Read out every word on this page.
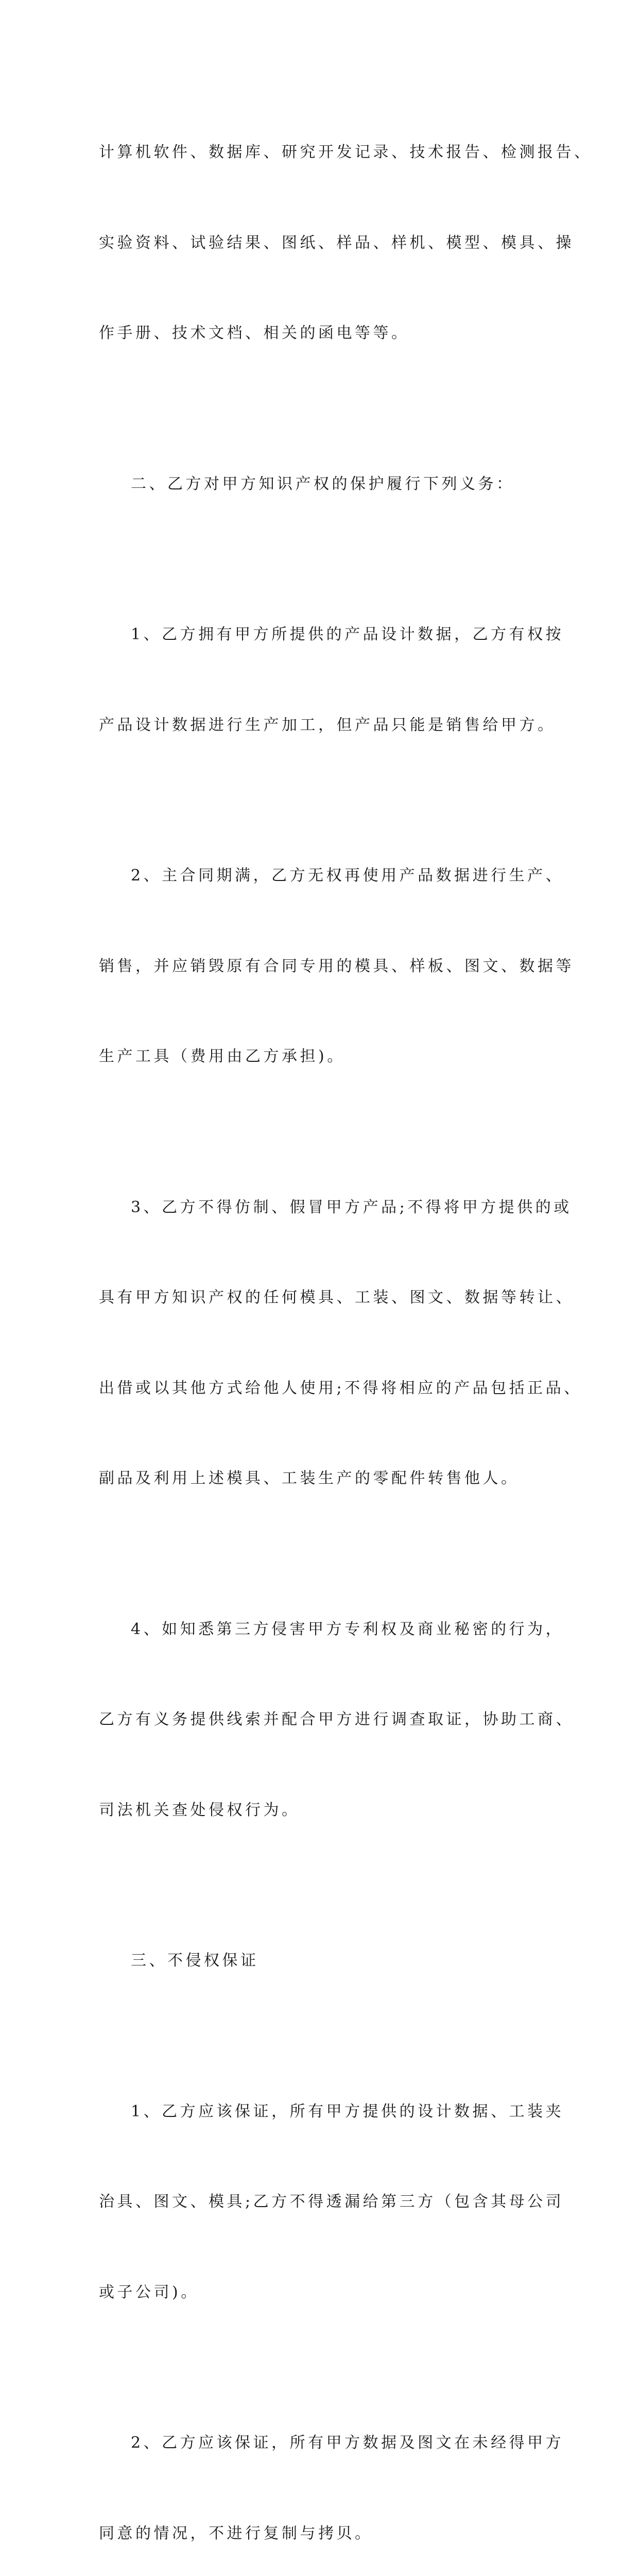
计算机软件、数据库、研究开发记录、技术报告、检测报告、

实验资料、试验结果、图纸、样品、样机、模型、模具、操

作手册、技术文档、相关的函电等等。

二、乙方对甲方知识产权的保护履行下列义务：

1、乙方拥有甲方所提供的产品设计数据，乙方有权按

产品设计数据进行生产加工，但产品只能是销售给甲方。

2、主合同期满，乙方无权再使用产品数据进行生产、

销售，并应销毁原有合同专用的模具、样板、图文、数据等

生产工具（费用由乙方承担)。

3、乙方不得仿制、假冒甲方产品;不得将甲方提供的或

具有甲方知识产权的任何模具、工装、图文、数据等转让、

出借或以其他方式给他人使用;不得将相应的产品包括正品、

副品及利用上述模具、工装生产的零配件转售他人。

4、如知悉第三方侵害甲方专利权及商业秘密的行为，

乙方有义务提供线索并配合甲方进行调查取证，协助工商、

司法机关查处侵权行为。

三、不侵权保证

1、乙方应该保证，所有甲方提供的设计数据、工装夹

治具、图文、模具;乙方不得透漏给第三方（包含其母公司

或子公司)。

2、乙方应该保证，所有甲方数据及图文在未经得甲方

同意的情况，不进行复制与拷贝。
